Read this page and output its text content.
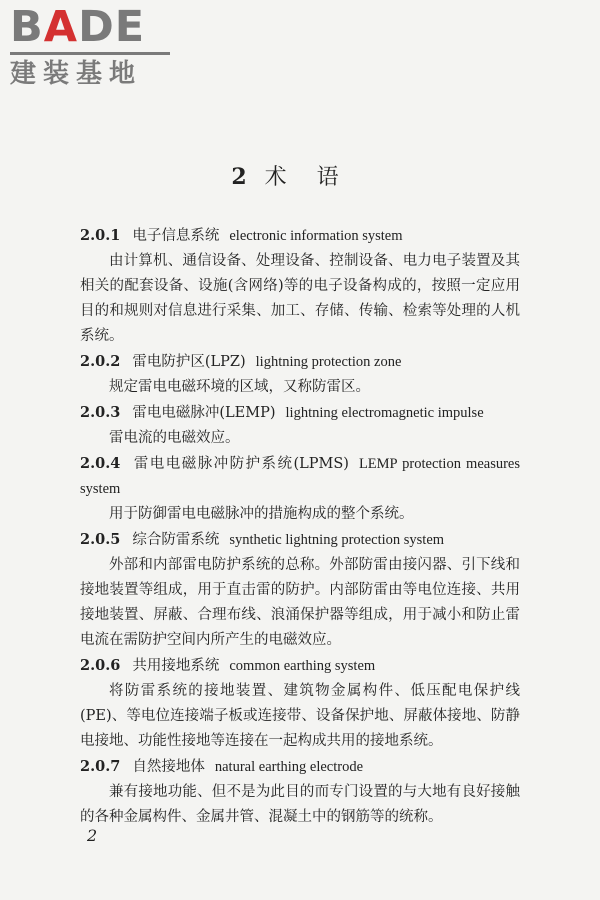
BADE
建装基地
2 术语
2.0.1 电子信息系统 electronic information system
由计算机、通信设备、处理设备、控制设备、电力电子装置及其相关的配套设备、设施(含网络)等的电子设备构成的，按照一定应用目的和规则对信息进行采集、加工、存储、传输、检索等处理的人机系统。
2.0.2 雷电防护区(LPZ) lightning protection zone
规定雷电电磁环境的区域，又称防雷区。
2.0.3 雷电电磁脉冲(LEMP) lightning electromagnetic impulse
雷电流的电磁效应。
2.0.4 雷电电磁脉冲防护系统(LPMS) LEMP protection measures system
用于防御雷电电磁脉冲的措施构成的整个系统。
2.0.5 综合防雷系统 synthetic lightning protection system
外部和内部雷电防护系统的总称。外部防雷由接闪器、引下线和接地装置等组成，用于直击雷的防护。内部防雷由等电位连接、共用接地装置、屏蔽、合理布线、浪涌保护器等组成，用于减小和防止雷电流在需防护空间内所产生的电磁效应。
2.0.6 共用接地系统 common earthing system
将防雷系统的接地装置、建筑物金属构件、低压配电保护线(PE)、等电位连接端子板或连接带、设备保护地、屏蔽体接地、防静电接地、功能性接地等连接在一起构成共用的接地系统。
2.0.7 自然接地体 natural earthing electrode
兼有接地功能、但不是为此目的而专门设置的与大地有良好接触的各种金属构件、金属井管、混凝土中的钢筋等的统称。
2
